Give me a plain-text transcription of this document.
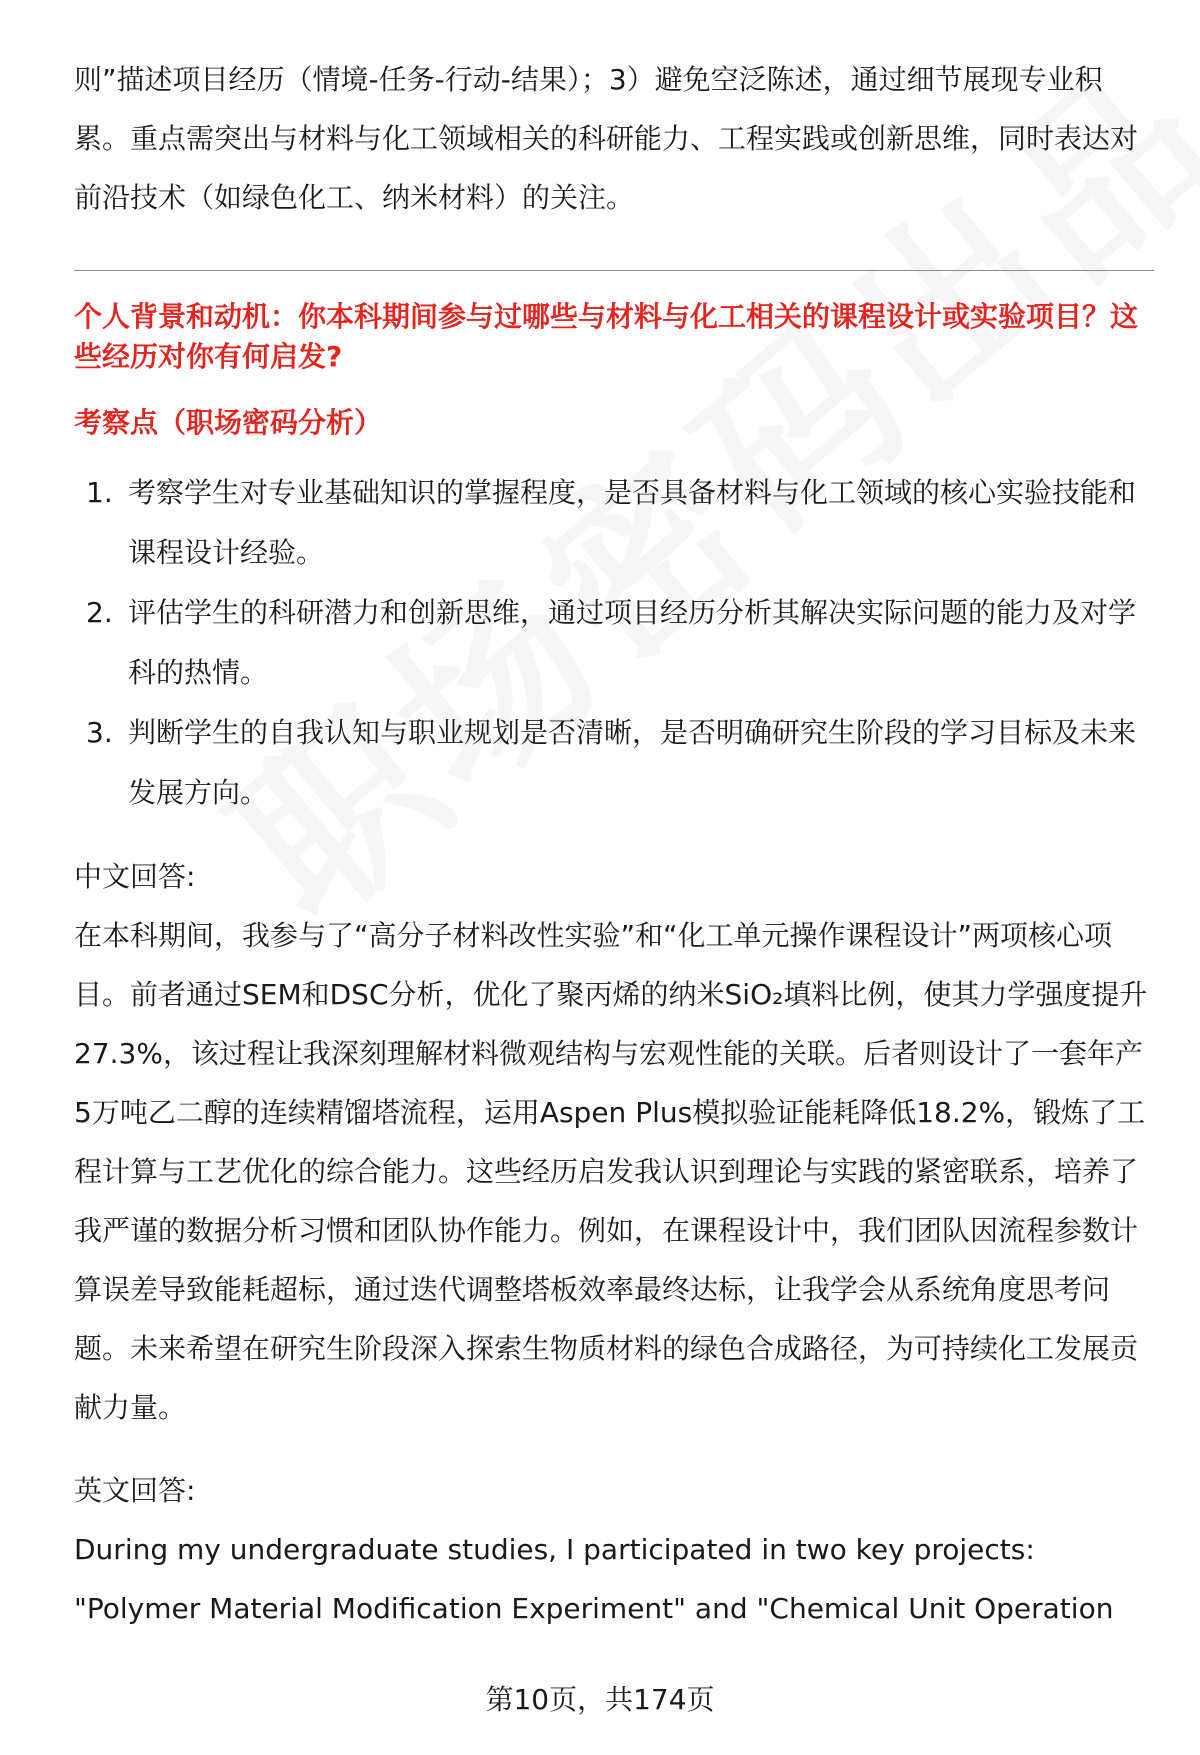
则”描述项目经历（情境-任务-行动-结果）；3）避免空泛陈述，通过细节展现专业积累。重点需突出与材料与化工领域相关的科研能力、工程实践或创新思维，同时表达对前沿技术（如绿色化工、纳米材料）的关注。

个人背景和动机：你本科期间参与过哪些与材料与化工相关的课程设计或实验项目？这些经历对你有何启发?

考察点（职场密码分析）

1. 考察学生对专业基础知识的掌握程度，是否具备材料与化工领域的核心实验技能和课程设计经验。
2. 评估学生的科研潜力和创新思维，通过项目经历分析其解决实际问题的能力及对学科的热情。
3. 判断学生的自我认知与职业规划是否清晰，是否明确研究生阶段的学习目标及未来发展方向。

中文回答:

在本科期间，我参与了“高分子材料改性实验”和“化工单元操作课程设计”两项核心项目。前者通过SEM和DSC分析，优化了聚丙烯的纳米SiO₂填料比例，使其力学强度提升27.3%，该过程让我深刻理解材料微观结构与宏观性能的关联。后者则设计了一套年产5万吨乙二醇的连续精馏塔流程，运用Aspen Plus模拟验证能耗降低18.2%，锻炼了工程计算与工艺优化的综合能力。这些经历启发我认识到理论与实践的紧密联系，培养了我严谨的数据分析习惯和团队协作能力。例如，在课程设计中，我们团队因流程参数计算误差导致能耗超标，通过迭代调整塔板效率最终达标，让我学会从系统角度思考问题。未来希望在研究生阶段深入探索生物质材料的绿色合成路径，为可持续化工发展贡献力量。

英文回答:

During my undergraduate studies, I participated in two key projects: "Polymer Material Modification Experiment" and "Chemical Unit Operation

第10页，共174页
